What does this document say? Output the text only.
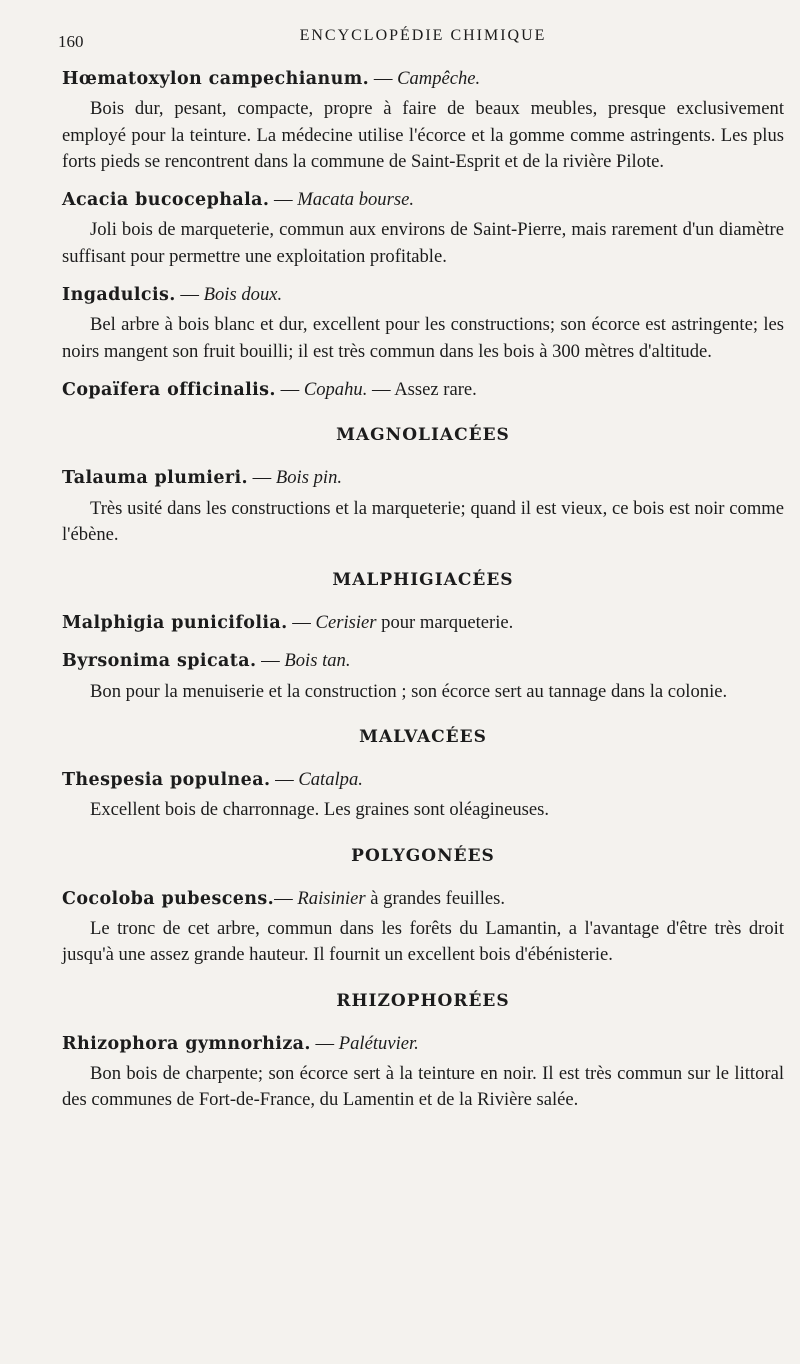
160	ENCYCLOPÉDIE CHIMIQUE

Hœmatoxylon campechianum. — Campêche.

Bois dur, pesant, compacte, propre à faire de beaux meubles, presque exclusivement employé pour la teinture. La médecine utilise l'écorce et la gomme comme astringents. Les plus forts pieds se rencontrent dans la commune de Saint-Esprit et de la rivière Pilote.

Acacia bucocephala. — Macata bourse.

Joli bois de marqueterie, commun aux environs de Saint-Pierre, mais rarement d'un diamètre suffisant pour permettre une exploitation profitable.

Ingadulcis. — Bois doux.

Bel arbre à bois blanc et dur, excellent pour les constructions; son écorce est astringente; les noirs mangent son fruit bouilli; il est très commun dans les bois à 300 mètres d'altitude.

Copaïfera officinalis. — Copahu. — Assez rare.

MAGNOLIACÉES

Talauma plumieri. — Bois pin.

Très usité dans les constructions et la marqueterie; quand il est vieux, ce bois est noir comme l'ébène.

MALPHIGIACÉES

Malphigia punicifolia. — Cerisier pour marqueterie.

Byrsonima spicata. — Bois tan.

Bon pour la menuiserie et la construction ; son écorce sert au tannage dans la colonie.

MALVACÉES

Thespesia populnea. — Catalpa.

Excellent bois de charronnage. Les graines sont oléagineuses.

POLYGONÉES

Cocoloba pubescens.— Raisinier à grandes feuilles.

Le tronc de cet arbre, commun dans les forêts du Lamantin, a l'avantage d'être très droit jusqu'à une assez grande hauteur. Il fournit un excellent bois d'ébénisterie.

RHIZOPHORÉES

Rhizophora gymnorhiza. — Palétuvier.

Bon bois de charpente; son écorce sert à la teinture en noir. Il est très commun sur le littoral des communes de Fort-de-France, du Lamentin et de la Rivière salée.
